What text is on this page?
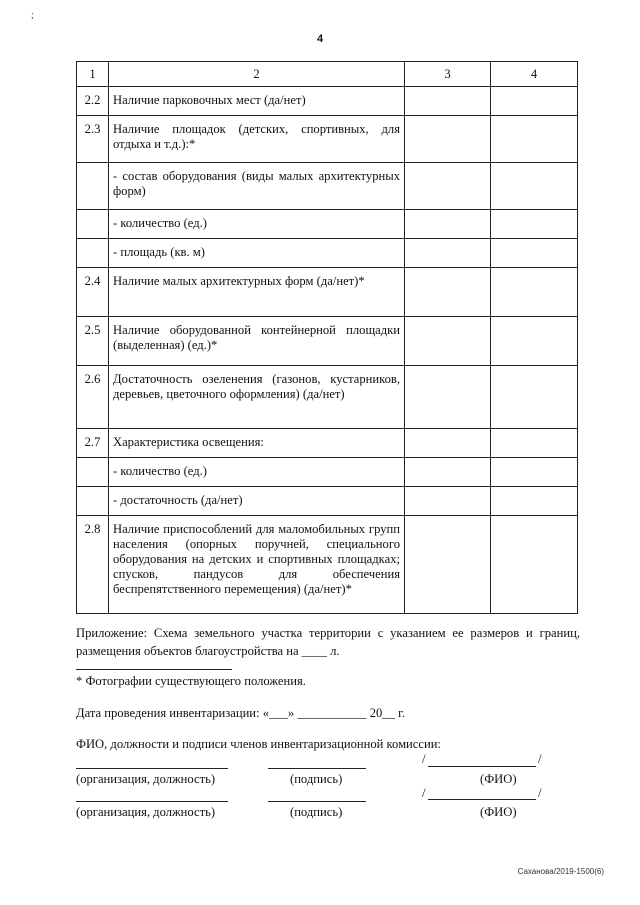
;
4
1	2	3	4
2.2	Наличие парковочных мест (да/нет)		
2.3	Наличие площадок (детских, спортивных, для отдыха и т.д.):*		
	- состав оборудования (виды малых архитектурных форм)		
	- количество (ед.)		
	- площадь (кв. м)		
2.4	Наличие малых архитектурных форм (да/нет)*		
2.5	Наличие оборудованной контейнерной площадки (выделенная) (ед.)*		
2.6	Достаточность озеленения (газонов, кустарников, деревьев, цветочного оформления) (да/нет)		
2.7	Характеристика освещения:		
	- количество (ед.)		
	- достаточность (да/нет)		
2.8	Наличие приспособлений для маломобильных групп населения (опорных поручней, специального оборудования на детских и спортивных площадках; спусков, пандусов для обеспечения беспрепятственного перемещения) (да/нет)*		
Приложение: Схема земельного участка территории с указанием ее размеров и границ, размещения объектов благоустройства на ____ л.
* Фотографии существующего положения.
Дата проведения инвентаризации: «___» ___________ 20__ г.
ФИО, должности и подписи членов инвентаризационной комиссии:
/	/
(организация, должность)	(подпись)	(ФИО)
/	/
(организация, должность)	(подпись)	(ФИО)
Саханова/2019-1500(6)
